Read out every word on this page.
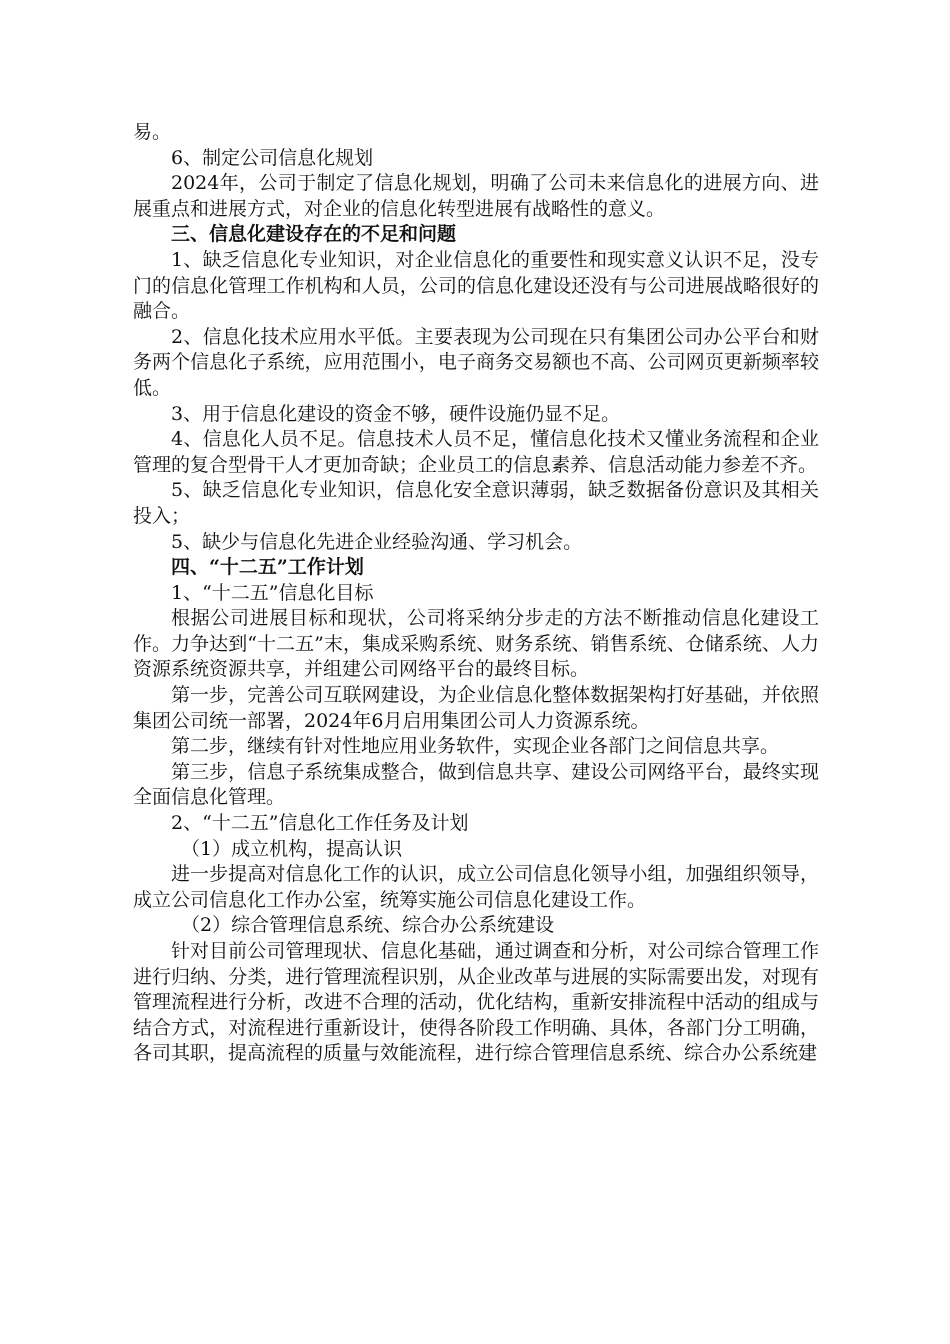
易。

6、制定公司信息化规划

2024年，公司于制定了信息化规划，明确了公司未来信息化的进展方向、进展重点和进展方式，对企业的信息化转型进展有战略性的意义。

三、信息化建设存在的不足和问题

1、缺乏信息化专业知识，对企业信息化的重要性和现实意义认识不足，没专门的信息化管理工作机构和人员，公司的信息化建设还没有与公司进展战略很好的融合。

2、信息化技术应用水平低。主要表现为公司现在只有集团公司办公平台和财务两个信息化子系统，应用范围小，电子商务交易额也不高、公司网页更新频率较低。

3、用于信息化建设的资金不够，硬件设施仍显不足。

4、信息化人员不足。信息技术人员不足，懂信息化技术又懂业务流程和企业管理的复合型骨干人才更加奇缺；企业员工的信息素养、信息活动能力参差不齐。

5、缺乏信息化专业知识，信息化安全意识薄弱，缺乏数据备份意识及其相关投入；

5、缺少与信息化先进企业经验沟通、学习机会。

四、“十二五”工作计划

1、“十二五”信息化目标

根据公司进展目标和现状，公司将采纳分步走的方法不断推动信息化建设工作。力争达到“十二五”末，集成采购系统、财务系统、销售系统、仓储系统、人力资源系统资源共享，并组建公司网络平台的最终目标。

第一步，完善公司互联网建设，为企业信息化整体数据架构打好基础，并依照集团公司统一部署，2024年6月启用集团公司人力资源系统。

第二步，继续有针对性地应用业务软件，实现企业各部门之间信息共享。

第三步，信息子系统集成整合，做到信息共享、建设公司网络平台，最终实现全面信息化管理。

2、“十二五”信息化工作任务及计划

（1）成立机构，提高认识

进一步提高对信息化工作的认识，成立公司信息化领导小组，加强组织领导，成立公司信息化工作办公室，统筹实施公司信息化建设工作。

（2）综合管理信息系统、综合办公系统建设

针对目前公司管理现状、信息化基础，通过调查和分析，对公司综合管理工作进行归纳、分类，进行管理流程识别，从企业改革与进展的实际需要出发，对现有管理流程进行分析，改进不合理的活动，优化结构，重新安排流程中活动的组成与结合方式，对流程进行重新设计，使得各阶段工作明确、具体，各部门分工明确，各司其职，提高流程的质量与效能流程，进行综合管理信息系统、综合办公系统建
